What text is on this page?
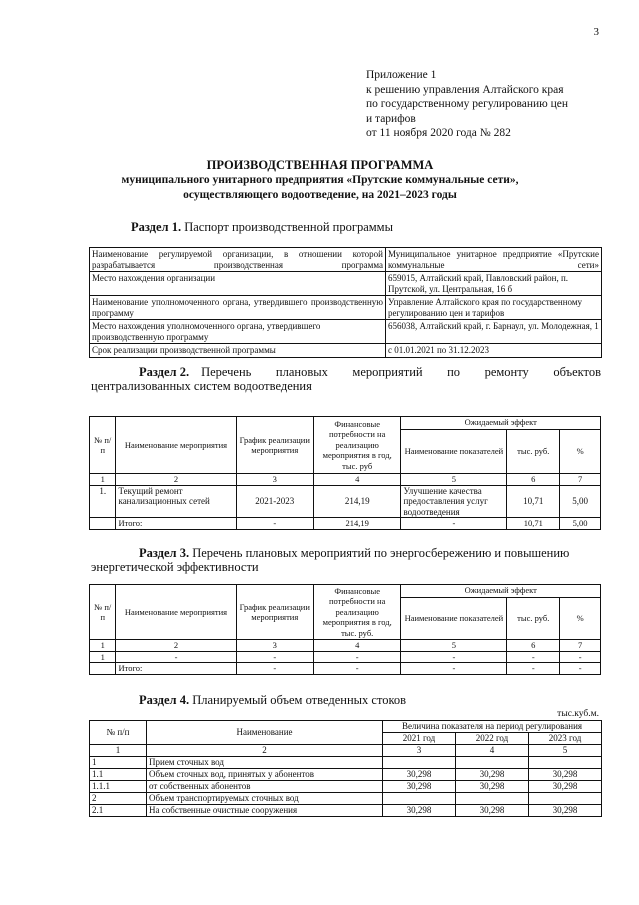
3
Приложение 1
к решению управления Алтайского края
по государственному регулированию цен
и тарифов
от 11 ноября 2020 года № 282
ПРОИЗВОДСТВЕННАЯ ПРОГРАММА
муниципального унитарного предприятия «Прутские коммунальные сети»,
осуществляющего водоотведение, на 2021–2023 годы
Раздел 1. Паспорт производственной программы
Наименование регулируемой организации, в отношении которой разрабатывается производственная программа	Муниципальное унитарное предприятие «Прутские коммунальные сети»
Место нахождения организации	659015, Алтайский край, Павловский район, п. Прутской, ул. Центральная, 16 б
Наименование уполномоченного органа, утвердившего производственную программу	Управление Алтайского края по государственному регулированию цен и тарифов
Место нахождения уполномоченного органа, утвердившего производственную программу	656038, Алтайский край, г. Барнаул, ул. Молодежная, 1
Срок реализации производственной программы	с 01.01.2021 по 31.12.2023
Раздел 2. Перечень плановых мероприятий по ремонту объектов
централизованных систем водоотведения
№ п/п	Наименование мероприятия	График реализации мероприятия	Финансовые потребности на реализацию мероприятия в год, тыс. руб	Ожидаемый эффект		
				Наименование показателей	тыс. руб.	%
1	2	3	4	5	6	7
1.	Текущий ремонт канализационных сетей	2021-2023	214,19	Улучшение качества предоставления услуг водоотведения	10,71	5,00
	Итого:	-	214,19	-	10,71	5,00
Раздел 3. Перечень плановых мероприятий по энергосбережению и повышению
энергетической эффективности
№ п/п	Наименование мероприятия	График реализации мероприятия	Финансовые потребности на реализацию мероприятия в год, тыс. руб.	Ожидаемый эффект		
				Наименование показателей	тыс. руб.	%
1	2	3	4	5	6	7
1	-	-	-	-	-	-
	Итого:	-	-	-	-	-
Раздел 4. Планируемый объем отведенных стоков
тыс.куб.м.
№ п/п	Наименование	Величина показателя на период регулирования		
		2021 год	2022 год	2023 год
1	2	3	4	5
1	Прием сточных вод			
1.1	Объем сточных вод, принятых у абонентов	30,298	30,298	30,298
1.1.1	от собственных абонентов	30,298	30,298	30,298
2	Объем транспортируемых сточных вод			
2.1	На собственные очистные сооружения	30,298	30,298	30,298
